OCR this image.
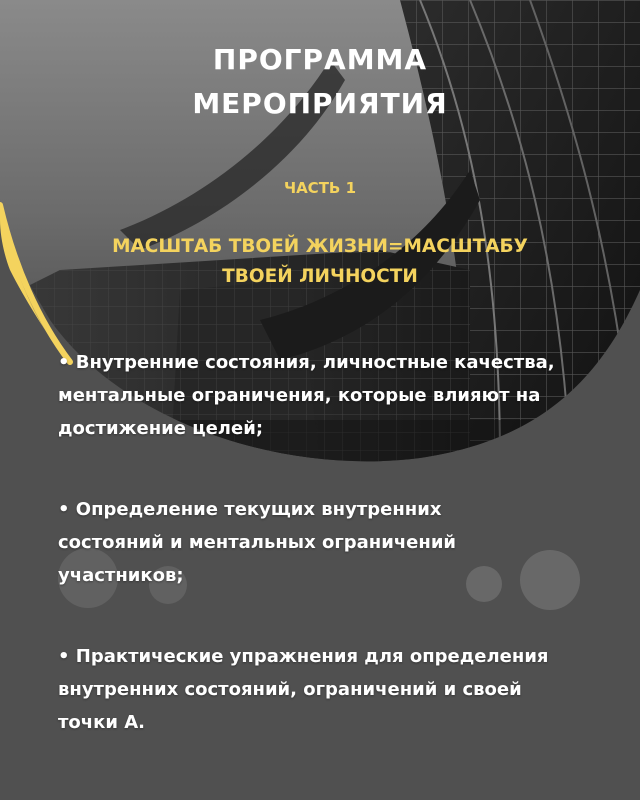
ПРОГРАММА
МЕРОПРИЯТИЯ
ЧАСТЬ 1
МАСШТАБ ТВОЕЙ ЖИЗНИ=МАСШТАБУ
ТВОЕЙ ЛИЧНОСТИ
• Внутренние состояния, личностные качества,
ментальные ограничения, которые влияют на
достижение целей;
• Определение текущих внутренних
состояний и ментальных ограничений
участников;
• Практические упражнения для определения
внутренних состояний, ограничений и своей
точки А.
